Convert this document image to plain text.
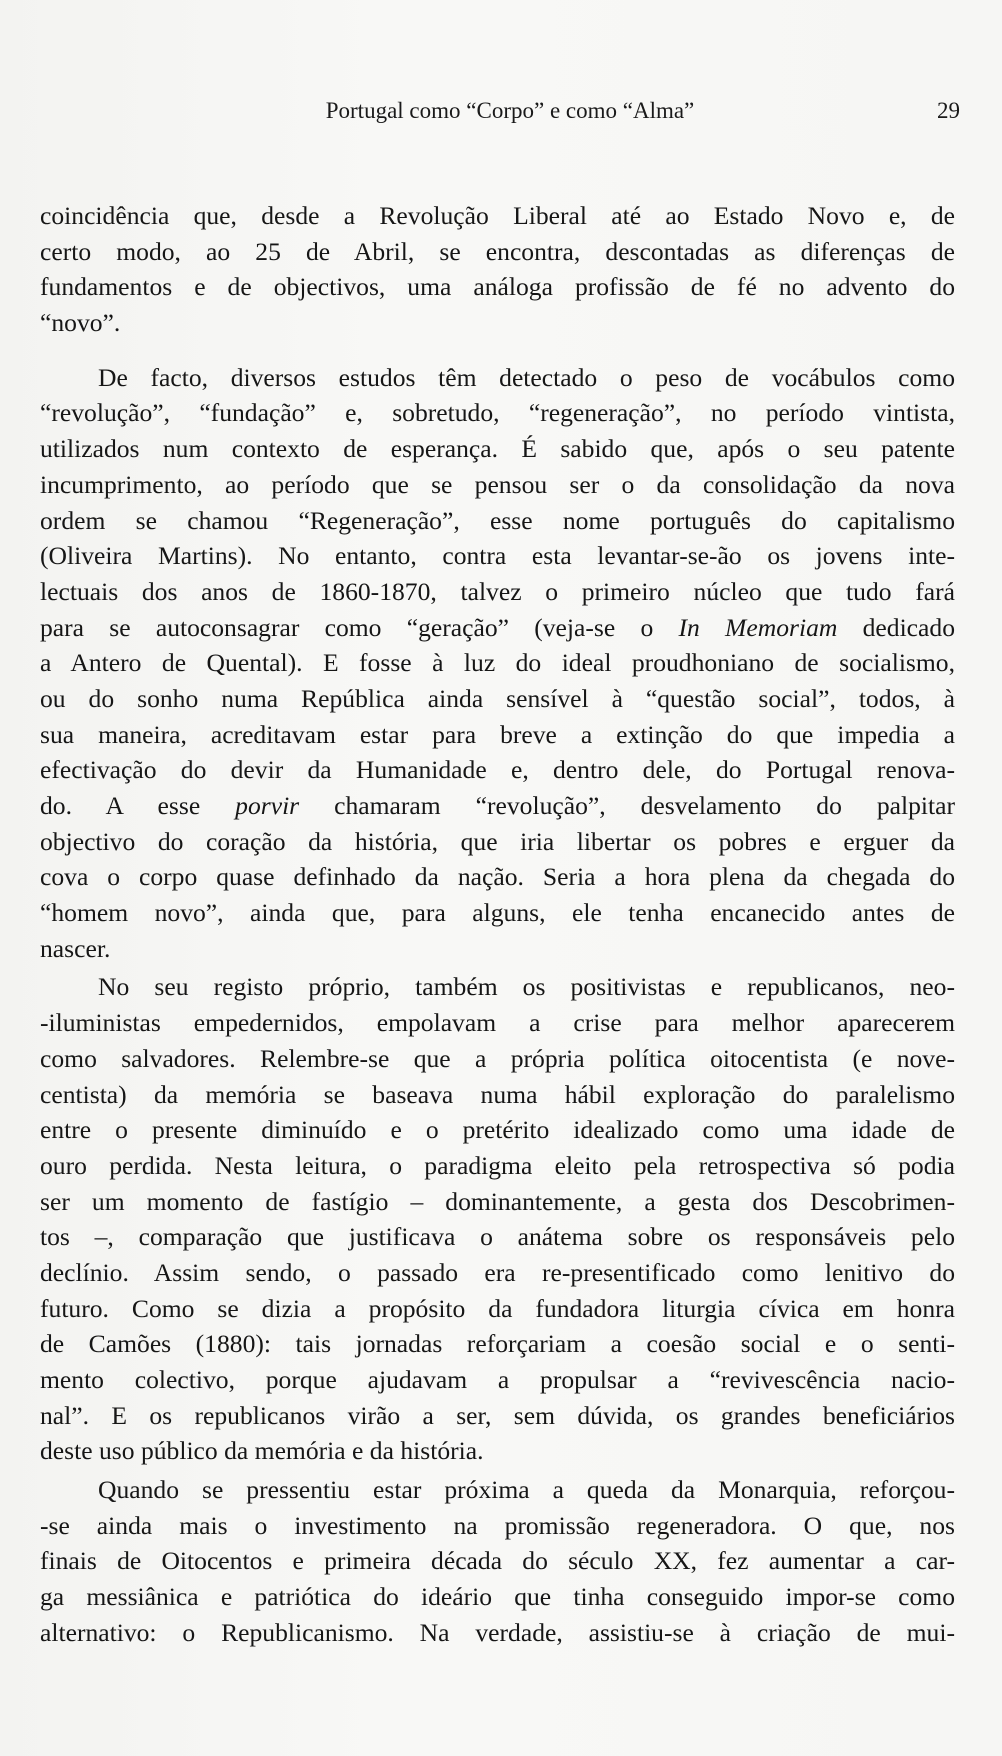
Portugal como “Corpo” e como “Alma”	29
coincidência que, desde a Revolução Liberal até ao Estado Novo e, de
certo modo, ao 25 de Abril, se encontra, descontadas as diferenças de
fundamentos e de objectivos, uma análoga profissão de fé no advento do
“novo”.
De facto, diversos estudos têm detectado o peso de vocábulos como
“revolução”, “fundação” e, sobretudo, “regeneração”, no período vintista,
utilizados num contexto de esperança. É sabido que, após o seu patente
incumprimento, ao período que se pensou ser o da consolidação da nova
ordem se chamou “Regeneração”, esse nome português do capitalismo
(Oliveira Martins). No entanto, contra esta levantar-se-ão os jovens inte-
lectuais dos anos de 1860-1870, talvez o primeiro núcleo que tudo fará
para se autoconsagrar como “geração” (veja-se o In Memoriam dedicado
a Antero de Quental). E fosse à luz do ideal proudhoniano de socialismo,
ou do sonho numa República ainda sensível à “questão social”, todos, à
sua maneira, acreditavam estar para breve a extinção do que impedia a
efectivação do devir da Humanidade e, dentro dele, do Portugal renova-
do. A esse porvir chamaram “revolução”, desvelamento do palpitar
objectivo do coração da história, que iria libertar os pobres e erguer da
cova o corpo quase definhado da nação. Seria a hora plena da chegada do
“homem novo”, ainda que, para alguns, ele tenha encanecido antes de
nascer.
No seu registo próprio, também os positivistas e republicanos, neo-
-iluministas empedernidos, empolavam a crise para melhor aparecerem
como salvadores. Relembre-se que a própria política oitocentista (e nove-
centista) da memória se baseava numa hábil exploração do paralelismo
entre o presente diminuído e o pretérito idealizado como uma idade de
ouro perdida. Nesta leitura, o paradigma eleito pela retrospectiva só podia
ser um momento de fastígio – dominantemente, a gesta dos Descobrimen-
tos –, comparação que justificava o anátema sobre os responsáveis pelo
declínio. Assim sendo, o passado era re-presentificado como lenitivo do
futuro. Como se dizia a propósito da fundadora liturgia cívica em honra
de Camões (1880): tais jornadas reforçariam a coesão social e o senti-
mento colectivo, porque ajudavam a propulsar a “revivescência nacio-
nal”. E os republicanos virão a ser, sem dúvida, os grandes beneficiários
deste uso público da memória e da história.
Quando se pressentiu estar próxima a queda da Monarquia, reforçou-
-se ainda mais o investimento na promissão regeneradora. O que, nos
finais de Oitocentos e primeira década do século XX, fez aumentar a car-
ga messiânica e patriótica do ideário que tinha conseguido impor-se como
alternativo: o Republicanismo. Na verdade, assistiu-se à criação de mui-
